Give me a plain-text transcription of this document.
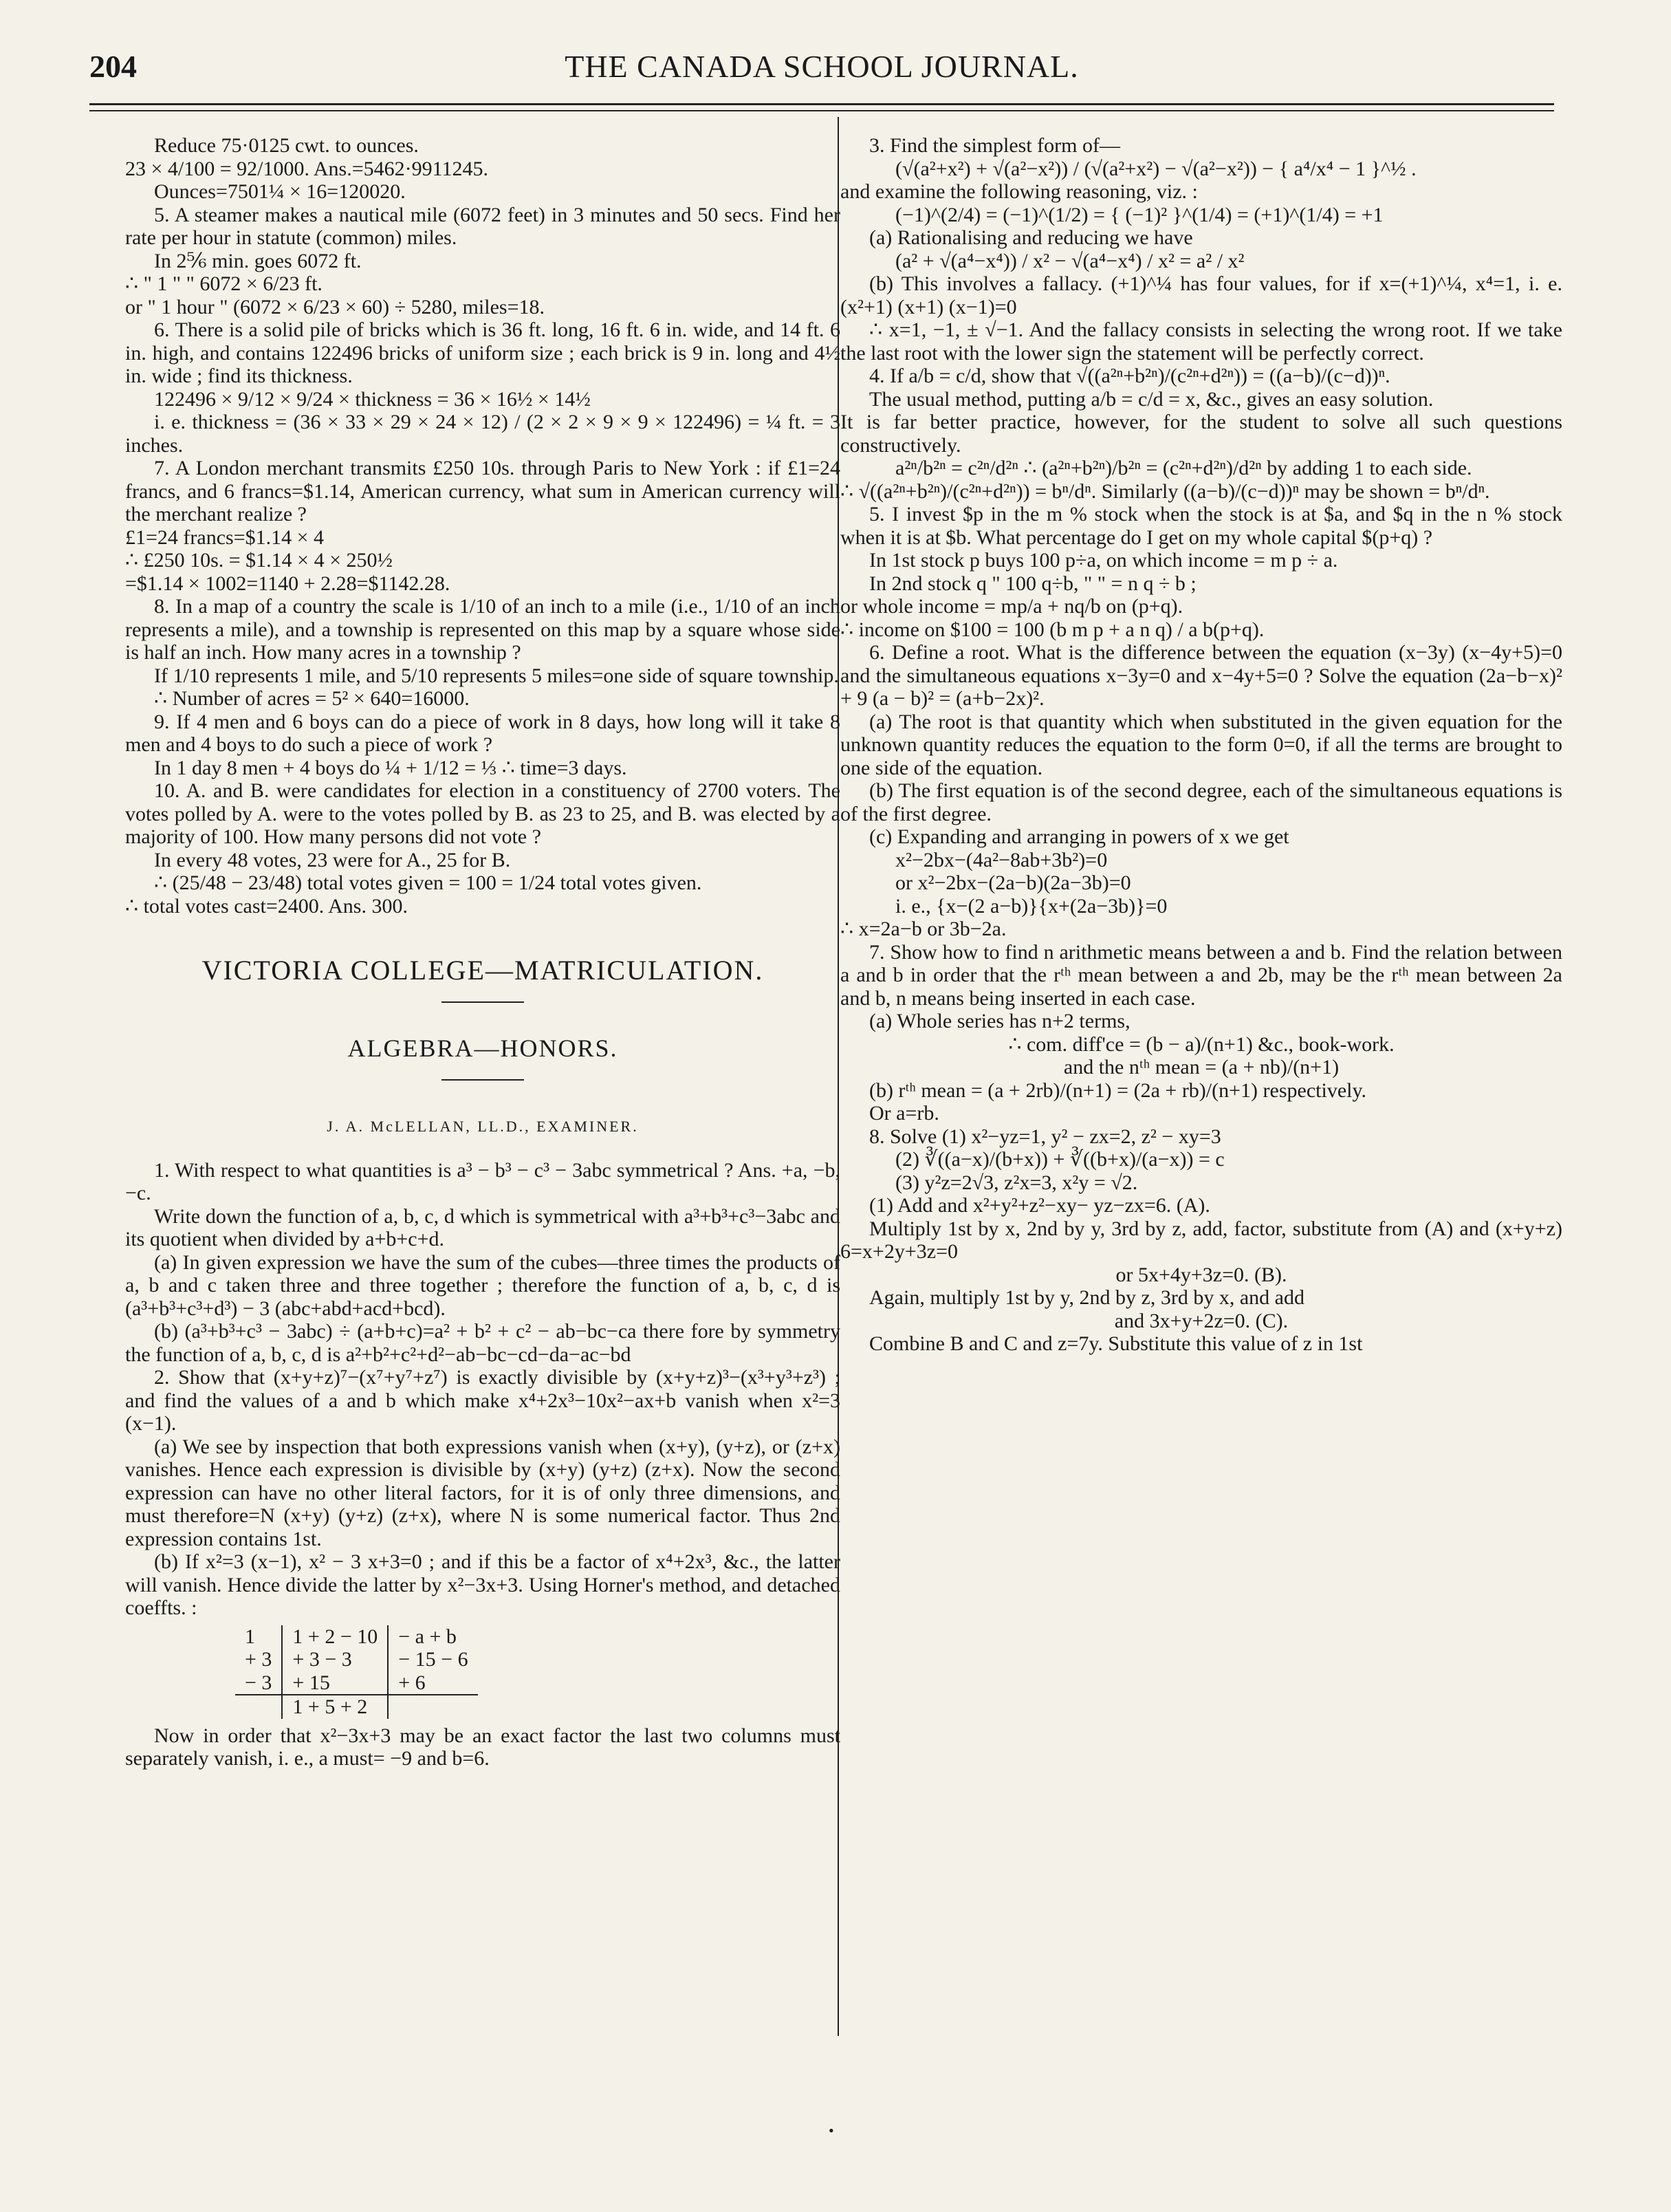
THE CANADA SCHOOL JOURNAL.
204

Reduce 75·0125 cwt. to ounces.

23 × 4/100 = 92/1000. Ans.=5462·9911245.

Ounces=7501¼ × 16=120020.

5. A steamer makes a nautical mile (6072 feet) in 3 minutes and 50 secs. Find her rate per hour in statute (common) miles.

In 2⅚ min. goes 6072 ft.

∴ " 1 " " 6072 × 6/23 ft.

or " 1 hour " (6072 × 6/23 × 60) ÷ 5280, miles=18.

6. There is a solid pile of bricks which is 36 ft. long, 16 ft. 6 in. wide, and 14 ft. 6 in. high, and contains 122496 bricks of uniform size ; each brick is 9 in. long and 4½ in. wide ; find its thickness.

122496 × 9/12 × 9/24 × thickness = 36 × 16½ × 14½

i. e. thickness = (36 × 33 × 29 × 24 × 12) / (2 × 2 × 9 × 9 × 122496) = ¼ ft. = 3 inches.

7. A London merchant transmits £250 10s. through Paris to New York : if £1=24 francs, and 6 francs=$1.14, American currency, what sum in American currency will the merchant realize ?

£1=24 francs=$1.14 × 4

∴ £250 10s. = $1.14 × 4 × 250½

=$1.14 × 1002=1140 + 2.28=$1142.28.

8. In a map of a country the scale is 1/10 of an inch to a mile (i.e., 1/10 of an inch represents a mile), and a township is represented on this map by a square whose side is half an inch. How many acres in a township ?

If 1/10 represents 1 mile, and 5/10 represents 5 miles=one side of square township.

∴ Number of acres = 5² × 640=16000.

9. If 4 men and 6 boys can do a piece of work in 8 days, how long will it take 8 men and 4 boys to do such a piece of work ?

In 1 day 8 men + 4 boys do ¼ + 1/12 = ⅓ ∴ time=3 days.

10. A. and B. were candidates for election in a constituency of 2700 voters. The votes polled by A. were to the votes polled by B. as 23 to 25, and B. was elected by a majority of 100. How many persons did not vote ?

In every 48 votes, 23 were for A., 25 for B.

∴ (25/48 − 23/48) total votes given = 100 = 1/24 total votes given.

∴ total votes cast=2400. Ans. 300.

VICTORIA COLLEGE—MATRICULATION.
ALGEBRA—HONORS.
J. A. McLELLAN, LL.D., EXAMINER.

1. With respect to what quantities is a³ − b³ − c³ − 3abc symmetrical ? Ans. +a, −b, −c.

Write down the function of a, b, c, d which is symmetrical with a³+b³+c³−3abc and its quotient when divided by a+b+c+d.

(a) In given expression we have the sum of the cubes—three times the products of a, b and c taken three and three together ; therefore the function of a, b, c, d is (a³+b³+c³+d³) − 3 (abc+abd+acd+bcd).

(b) (a³+b³+c³ − 3abc) ÷ (a+b+c)=a² + b² + c² − ab−bc−ca there fore by symmetry the function of a, b, c, d is a²+b²+c²+d²−ab−bc−cd−da−ac−bd

2. Show that (x+y+z)⁷−(x⁷+y⁷+z⁷) is exactly divisible by (x+y+z)³−(x³+y³+z³) ; and find the values of a and b which make x⁴+2x³−10x²−ax+b vanish when x²=3 (x−1).

(a) We see by inspection that both expressions vanish when (x+y), (y+z), or (z+x) vanishes. Hence each expression is divisible by (x+y) (y+z) (z+x). Now the second expression can have no other literal factors, for it is of only three dimensions, and must therefore=N (x+y) (y+z) (z+x), where N is some numerical factor. Thus 2nd expression contains 1st.

(b) If x²=3 (x−1), x² − 3 x+3=0 ; and if this be a factor of x⁴+2x³, &c., the latter will vanish. Hence divide the latter by x²−3x+3. Using Horner's method, and detached coeffts. :

1	1 + 2 − 10	− a + b
+ 3	+ 3 − 3	− 15 − 6
− 3	+ 15	+ 6
	1 + 5 + 2	

Now in order that x²−3x+3 may be an exact factor the last two columns must separately vanish, i. e., a must= −9 and b=6.

3. Find the simplest form of—

(√(a²+x²) + √(a²−x²)) / (√(a²+x²) − √(a²−x²)) − { a⁴/x⁴ − 1 }^½ .

and examine the following reasoning, viz. :

(−1)^(2/4) = (−1)^(1/2) = { (−1)² }^(1/4) = (+1)^(1/4) = +1

(a) Rationalising and reducing we have

(a² + √(a⁴−x⁴)) / x² − √(a⁴−x⁴) / x² = a² / x²

(b) This involves a fallacy. (+1)^¼ has four values, for if x=(+1)^¼, x⁴=1, i. e. (x²+1) (x+1) (x−1)=0

∴ x=1, −1, ± √−1. And the fallacy consists in selecting the wrong root. If we take the last root with the lower sign the statement will be perfectly correct.

4. If a/b = c/d, show that √((a²ⁿ+b²ⁿ)/(c²ⁿ+d²ⁿ)) = ((a−b)/(c−d))ⁿ.

The usual method, putting a/b = c/d = x, &c., gives an easy solution.

It is far better practice, however, for the student to solve all such questions constructively.

a²ⁿ/b²ⁿ = c²ⁿ/d²ⁿ ∴ (a²ⁿ+b²ⁿ)/b²ⁿ = (c²ⁿ+d²ⁿ)/d²ⁿ by adding 1 to each side.

∴ √((a²ⁿ+b²ⁿ)/(c²ⁿ+d²ⁿ)) = bⁿ/dⁿ. Similarly ((a−b)/(c−d))ⁿ may be shown = bⁿ/dⁿ.

5. I invest $p in the m % stock when the stock is at $a, and $q in the n % stock when it is at $b. What percentage do I get on my whole capital $(p+q) ?

In 1st stock p buys 100 p÷a, on which income = m p ÷ a.

In 2nd stock q " 100 q÷b, " " = n q ÷ b ;

or whole income = mp/a + nq/b on (p+q).

∴ income on $100 = 100 (b m p + a n q) / a b(p+q).

6. Define a root. What is the difference between the equation (x−3y) (x−4y+5)=0 and the simultaneous equations x−3y=0 and x−4y+5=0 ? Solve the equation (2a−b−x)² + 9 (a − b)² = (a+b−2x)².

(a) The root is that quantity which when substituted in the given equation for the unknown quantity reduces the equation to the form 0=0, if all the terms are brought to one side of the equation.

(b) The first equation is of the second degree, each of the simultaneous equations is of the first degree.

(c) Expanding and arranging in powers of x we get

x²−2bx−(4a²−8ab+3b²)=0

or x²−2bx−(2a−b)(2a−3b)=0

i. e., {x−(2 a−b)}{x+(2a−3b)}=0

∴ x=2a−b or 3b−2a.

7. Show how to find n arithmetic means between a and b. Find the relation between a and b in order that the rᵗʰ mean between a and 2b, may be the rᵗʰ mean between 2a and b, n means being inserted in each case.

(a) Whole series has n+2 terms,

∴ com. diff'ce = (b − a)/(n+1) &c., book-work.

and the nᵗʰ mean = (a + nb)/(n+1)

(b) rᵗʰ mean = (a + 2rb)/(n+1) = (2a + rb)/(n+1) respectively.

Or a=rb.

8. Solve (1) x²−yz=1, y² − zx=2, z² − xy=3

(2) ∛((a−x)/(b+x)) + ∛((b+x)/(a−x)) = c

(3) y²z=2√3, z²x=3, x²y = √2.

(1) Add and x²+y²+z²−xy− yz−zx=6. (A).

Multiply 1st by x, 2nd by y, 3rd by z, add, factor, substitute from (A) and (x+y+z) 6=x+2y+3z=0

or 5x+4y+3z=0. (B).

Again, multiply 1st by y, 2nd by z, 3rd by x, and add

and 3x+y+2z=0. (C).

Combine B and C and z=7y. Substitute this value of z in 1st

•
